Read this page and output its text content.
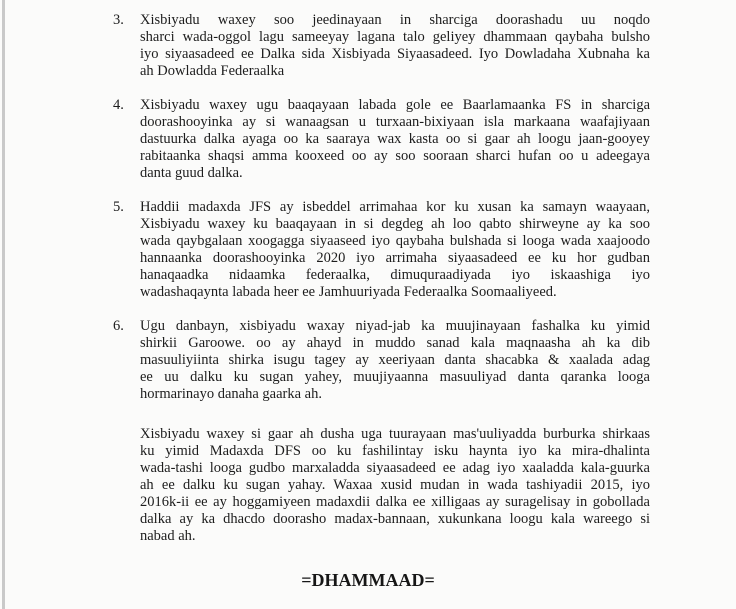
3.	Xisbiyadu waxey soo jeedinayaan in sharciga doorashadu uu noqdo
sharci wada-oggol lagu sameeyay lagana talo geliyey dhammaan qaybaha bulsho
iyo siyaasadeed ee Dalka sida Xisbiyada Siyaasadeed. Iyo Dowladaha Xubnaha ka
ah Dowladda Federaalka
4.	Xisbiyadu waxey ugu baaqayaan labada gole ee Baarlamaanka FS in sharciga
doorashooyinka ay si wanaagsan u turxaan-bixiyaan isla markaana waafajiyaan
dastuurka dalka ayaga oo ka saaraya wax kasta oo si gaar ah loogu jaan-gooyey
rabitaanka shaqsi amma kooxeed oo ay soo sooraan sharci hufan oo u adeegaya
danta guud dalka.
5.	Haddii madaxda JFS ay isbeddel arrimahaa kor ku xusan ka samayn waayaan,
Xisbiyadu waxey ku baaqayaan in si degdeg ah loo qabto shirweyne ay ka soo
wada qaybgalaan xoogagga siyaaseed iyo qaybaha bulshada si looga wada xaajoodo
hannaanka doorashooyinka 2020 iyo arrimaha siyaasadeed ee ku hor gudban
hanaqaadka nidaamka federaalka, dimuquraadiyada iyo iskaashiga iyo
wadashaqaynta labada heer ee Jamhuuriyada Federaalka Soomaaliyeed.
6.	Ugu danbayn, xisbiyadu waxay niyad-jab ka muujinayaan fashalka ku yimid
shirkii Garoowe. oo ay ahayd in muddo sanad kala maqnaasha ah ka dib
masuuliyiinta shirka isugu tagey ay xeeriyaan danta shacabka & xaalada adag
ee uu dalku ku sugan yahey, muujiyaanna masuuliyad danta qaranka looga
hormarinayo danaha gaarka ah.
Xisbiyadu waxey si gaar ah dusha uga tuurayaan mas'uuliyadda burburka shirkaas
ku yimid Madaxda DFS oo ku fashilintay isku haynta iyo ka mira-dhalinta
wada-tashi looga gudbo marxaladda siyaasadeed ee adag iyo xaaladda kala-guurka
ah ee dalku ku sugan yahay. Waxaa xusid mudan in wada tashiyadii 2015, iyo
2016k-ii ee ay hoggamiyeen madaxdii dalka ee xilligaas ay suragelisay in gobollada
dalka ay ka dhacdo doorasho madax-bannaan, xukunkana loogu kala wareego si
nabad ah.
=DHAMMAAD=
